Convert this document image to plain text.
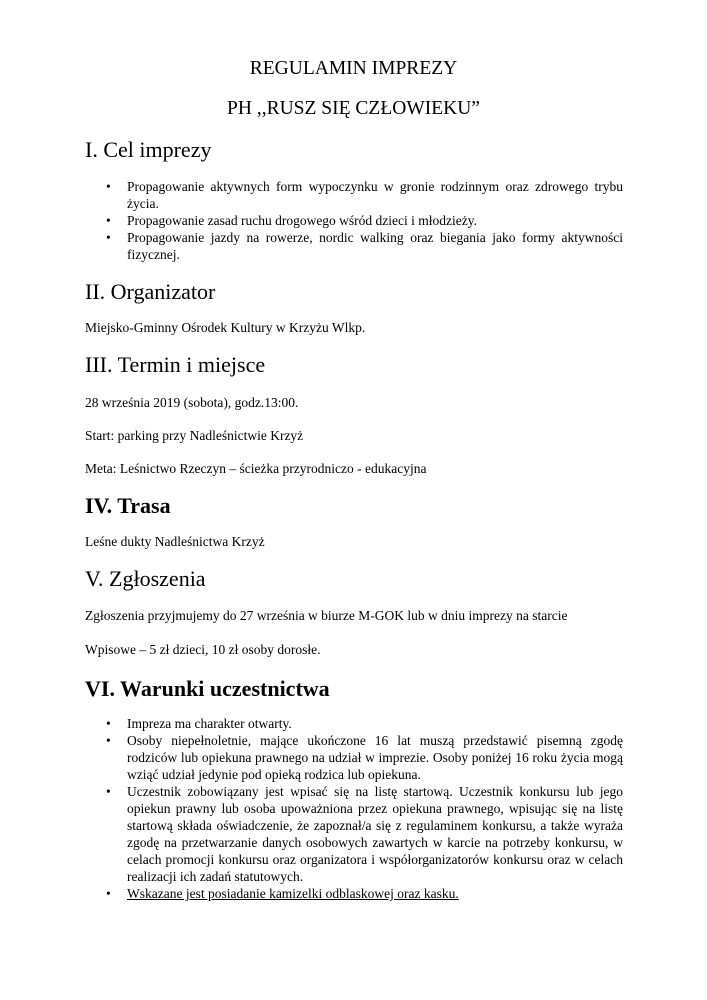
REGULAMIN IMPREZY
PH ,,RUSZ SIĘ CZŁOWIEKU”
I. Cel imprezy
• Propagowanie aktywnych form wypoczynku w gronie rodzinnym oraz zdrowego trybu życia.
• Propagowanie zasad ruchu drogowego wśród dzieci i młodzieży.
• Propagowanie jazdy na rowerze, nordic walking oraz biegania jako formy aktywności fizycznej.
II. Organizator

Miejsko-Gminny Ośrodek Kultury w Krzyżu Wlkp.

III. Termin i miejsce

28 września 2019 (sobota), godz.13:00.

Start: parking przy Nadleśnictwie Krzyż

Meta: Leśnictwo Rzeczyn – ścieżka przyrodniczo - edukacyjna

IV. Trasa

Leśne dukty Nadleśnictwa Krzyż

V. Zgłoszenia

Zgłoszenia przyjmujemy do 27 września w biurze M-GOK lub w dniu imprezy na starcie

Wpisowe – 5 zł dzieci, 10 zł osoby dorosłe.

VI. Warunki uczestnictwa
• Impreza ma charakter otwarty.
• Osoby niepełnoletnie, mające ukończone 16 lat muszą przedstawić pisemną zgodę rodziców lub opiekuna prawnego na udział w imprezie. Osoby poniżej 16 roku życia mogą wziąć udział jedynie pod opieką rodzica lub opiekuna.
• Uczestnik zobowiązany jest wpisać się na listę startową. Uczestnik konkursu lub jego opiekun prawny lub osoba upoważniona przez opiekuna prawnego, wpisując się na listę startową składa oświadczenie, że zapoznał/a się z regulaminem konkursu, a także wyraża zgodę na przetwarzanie danych osobowych zawartych w karcie na potrzeby konkursu, w celach promocji konkursu oraz organizatora i współorganizatorów konkursu oraz w celach realizacji ich zadań statutowych.
• Wskazane jest posiadanie kamizelki odblaskowej oraz kasku.
